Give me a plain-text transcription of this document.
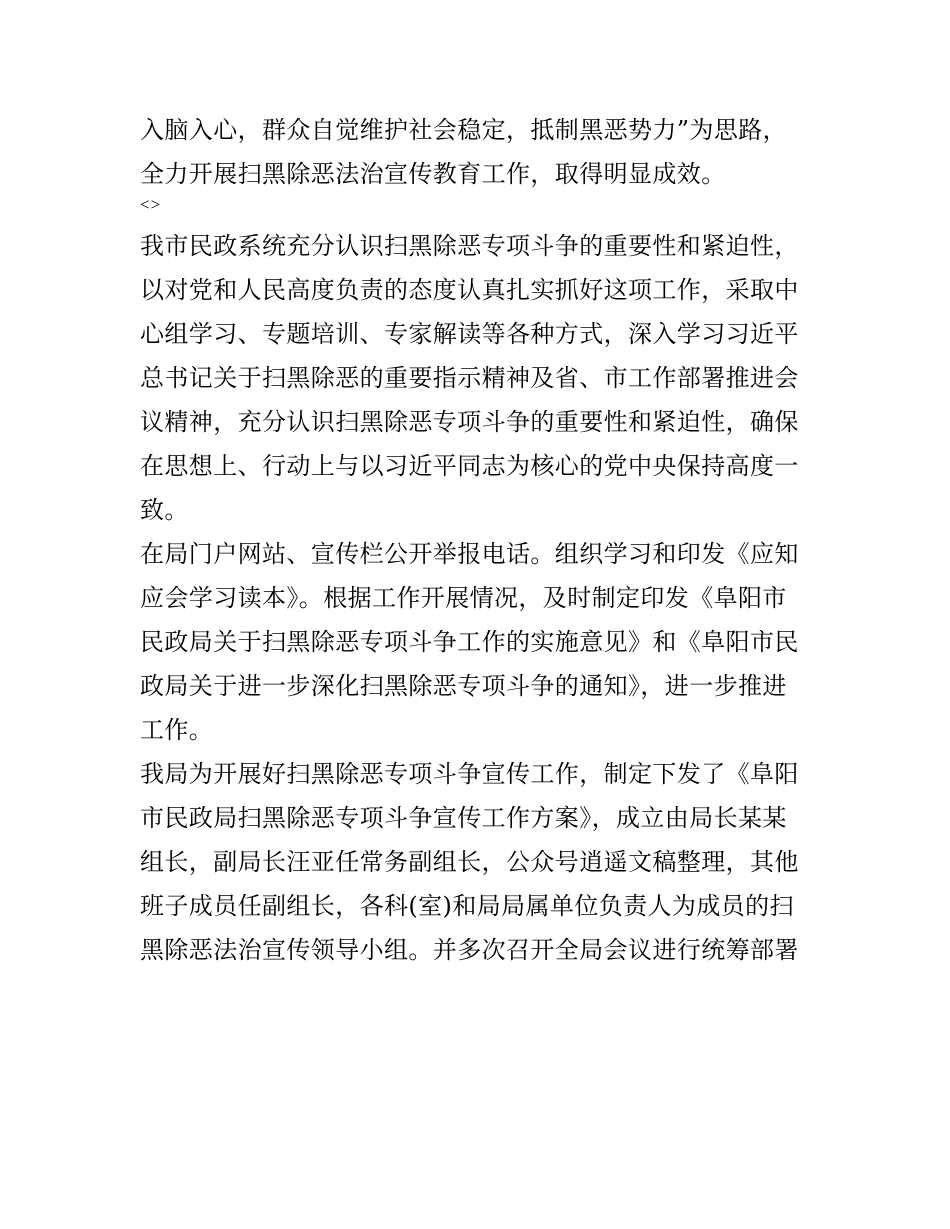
入脑入心，群众自觉维护社会稳定，抵制黑恶势力”为思路，
全力开展扫黑除恶法治宣传教育工作，取得明显成效。
<>
我市民政系统充分认识扫黑除恶专项斗争的重要性和紧迫性，
以对党和人民高度负责的态度认真扎实抓好这项工作，采取中
心组学习、专题培训、专家解读等各种方式，深入学习习近平
总书记关于扫黑除恶的重要指示精神及省、市工作部署推进会
议精神，充分认识扫黑除恶专项斗争的重要性和紧迫性，确保
在思想上、行动上与以习近平同志为核心的党中央保持高度一
致。
在局门户网站、宣传栏公开举报电话。组织学习和印发《应知
应会学习读本》。根据工作开展情况，及时制定印发《阜阳市
民政局关于扫黑除恶专项斗争工作的实施意见》和《阜阳市民
政局关于进一步深化扫黑除恶专项斗争的通知》，进一步推进
工作。
我局为开展好扫黑除恶专项斗争宣传工作，制定下发了《阜阳
市民政局扫黑除恶专项斗争宣传工作方案》，成立由局长某某
组长，副局长汪亚任常务副组长，公众号逍遥文稿整理，其他
班子成员任副组长，各科(室)和局局属单位负责人为成员的扫
黑除恶法治宣传领导小组。并多次召开全局会议进行统筹部署
